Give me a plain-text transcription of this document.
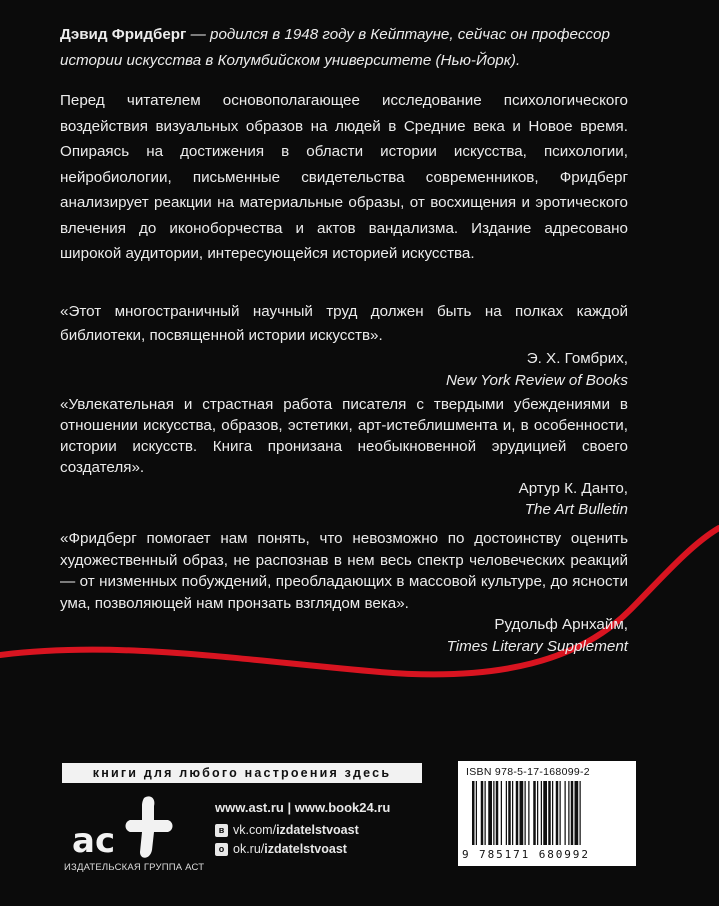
Дэвид Фридберг — родился в 1948 году в Кейптауне, сейчас он профессор истории искусства в Колумбийском университете (Нью-Йорк).
Перед читателем основополагающее исследование психологического воздействия визуальных образов на людей в Средние века и Новое время. Опираясь на достижения в области истории искусства, психологии, нейробиологии, письменные свидетельства современников, Фридберг анализирует реакции на материальные образы, от восхищения и эротического влечения до иконоборчества и актов вандализма. Издание адресовано широкой аудитории, интересующейся историей искусства.
«Этот многостраничный научный труд должен быть на полках каждой библиотеки, посвященной истории искусств».
Э. Х. Гомбрих,
New York Review of Books
«Увлекательная и страстная работа писателя с твердыми убеждениями в отношении искусства, образов, эстетики, арт-истеблишмента и, в особенности, истории искусств. Книга пронизана необыкновенной эрудицией своего создателя».
Артур К. Данто,
The Art Bulletin
«Фридберг помогает нам понять, что невозможно по достоинству оценить художественный образ, не распознав в нем весь спектр человеческих реакций — от низменных побуждений, преобладающих в массовой культуре, до ясности ума, позволяющей нам пронзать взглядом века».
Рудольф Арнхайм,
Times Literary Supplement
книги для любого настроения здесь
ac
ИЗДАТЕЛЬСКАЯ ГРУППА АСТ
www.ast.ru | www.book24.ru
в vk.com/ izdatelstvoast
о ok.ru/ izdatelstvoast
ISBN 978-5-17-168099-2
9 785171 680992
